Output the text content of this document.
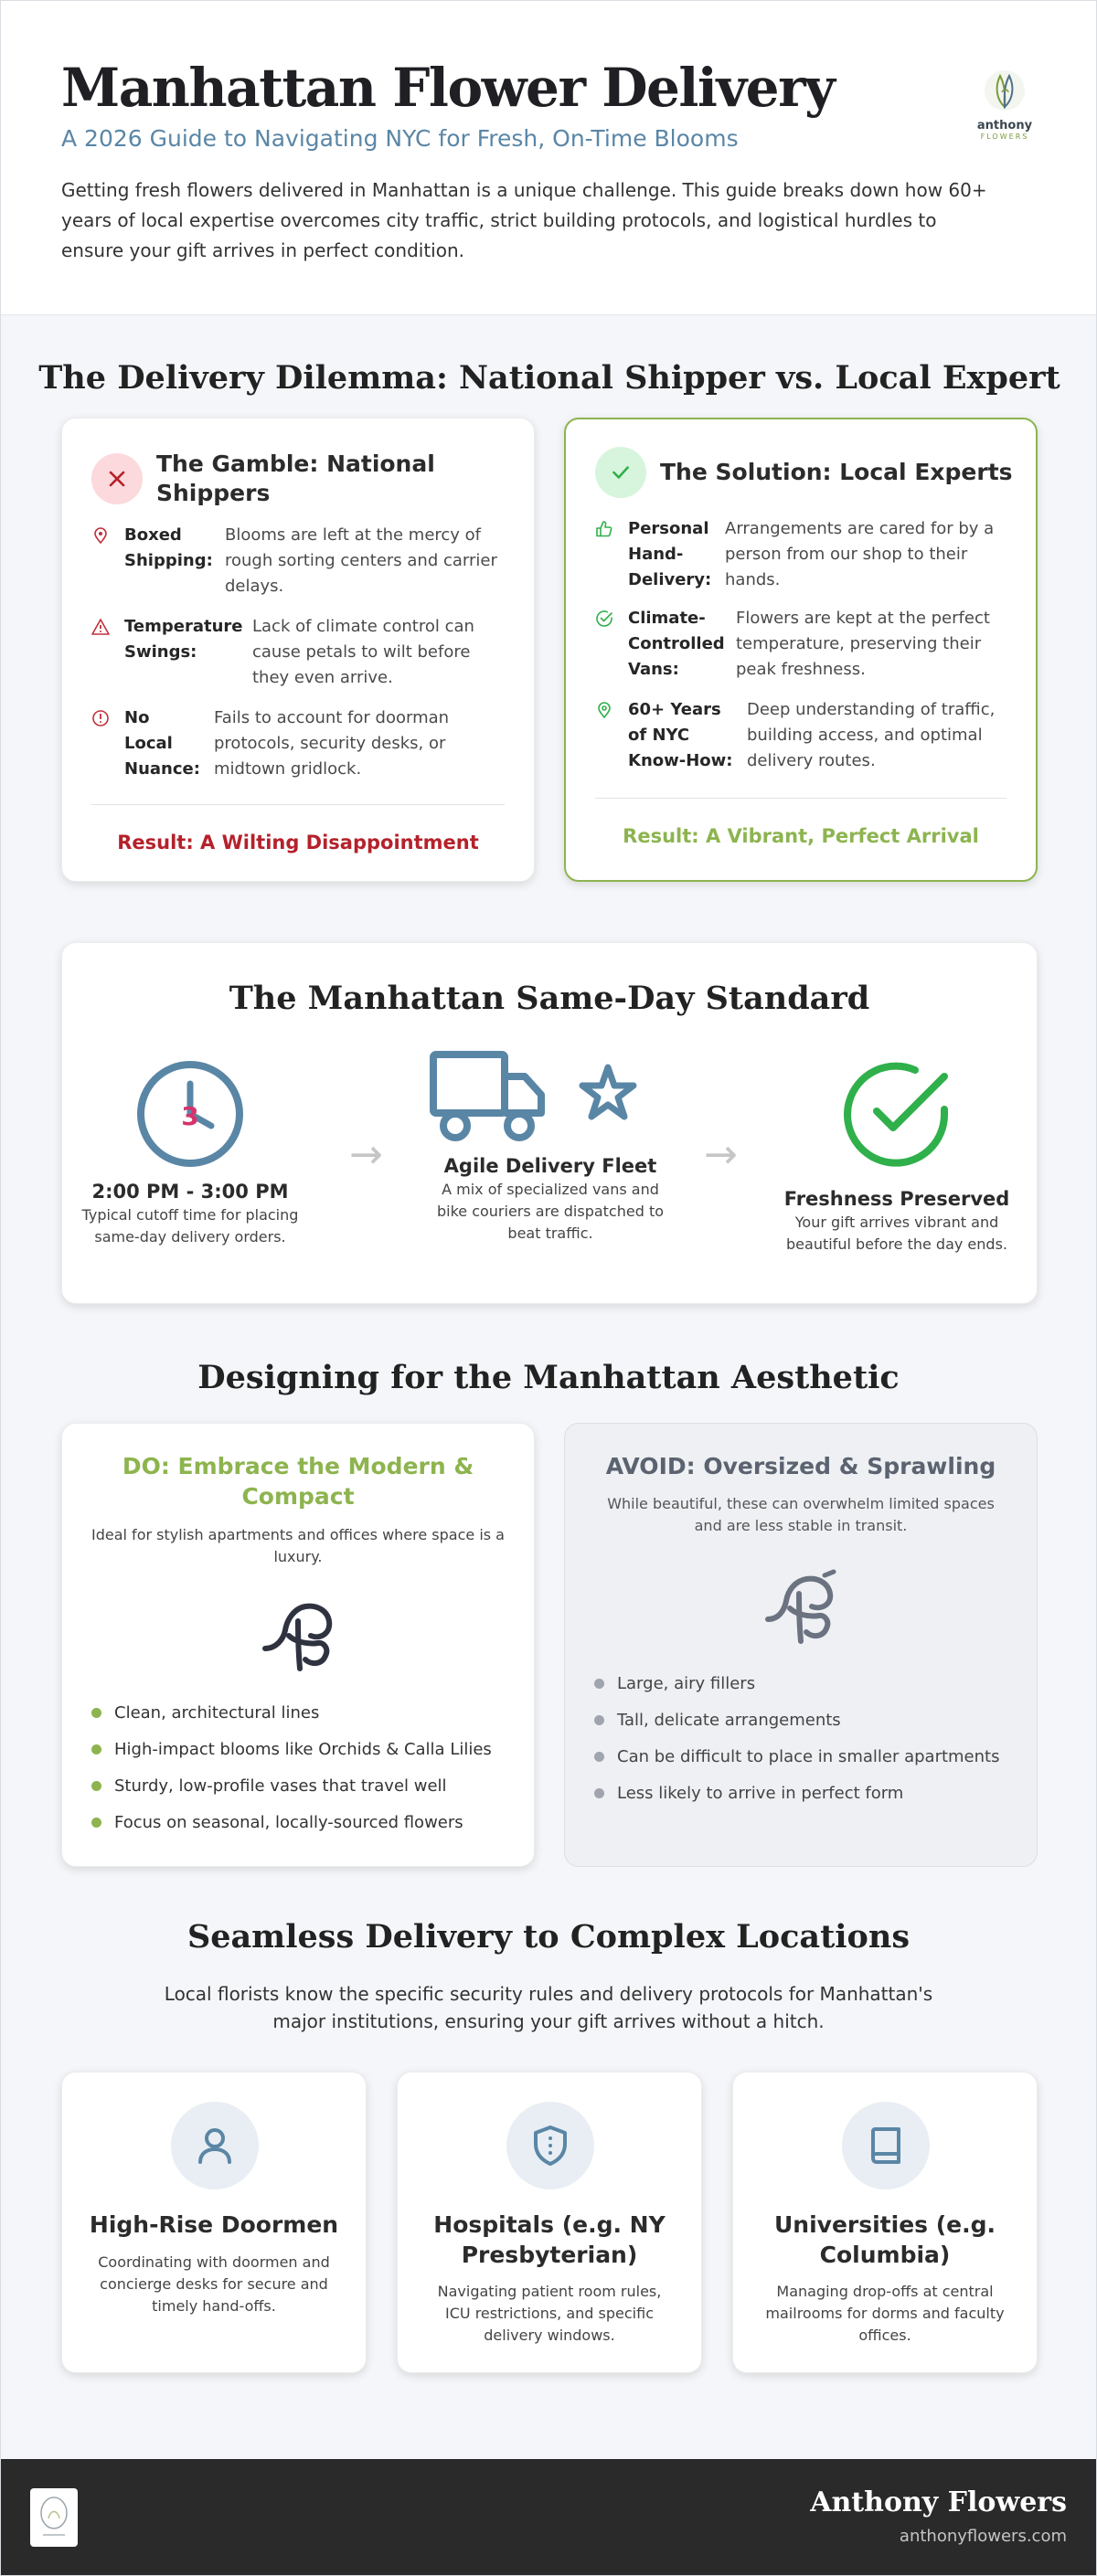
Manhattan Flower Delivery
A 2026 Guide to Navigating NYC for Fresh, On-Time Blooms

Getting fresh flowers delivered in Manhattan is a unique challenge. This guide breaks down how 60+ years of local expertise overcomes city traffic, strict building protocols, and logistical hurdles to ensure your gift arrives in perfect condition.

anthony
FLOWERS
The Delivery Dilemma: National Shipper vs. Local Expert
The Gamble: National Shippers
Boxed Shipping:
Blooms are left at the mercy of rough sorting centers and carrier delays.
Temperature Swings:
Lack of climate control can cause petals to wilt before they even arrive.
No Local Nuance:
Fails to account for doorman protocols, security desks, or midtown gridlock.
Result: A Wilting Disappointment
The Solution: Local Experts
Personal Hand-Delivery:
Arrangements are cared for by a person from our shop to their hands.
Climate-Controlled Vans:
Flowers are kept at the perfect temperature, preserving their peak freshness.
60+ Years of NYC Know-How:
Deep understanding of traffic, building access, and optimal delivery routes.
Result: A Vibrant, Perfect Arrival
The Manhattan Same-Day Standard
3
2:00 PM - 3:00 PM
Typical cutoff time for placing same-day delivery orders.
→	Agile Delivery Fleet
A mix of specialized vans and bike couriers are dispatched to beat traffic.
→
Freshness Preserved
Your gift arrives vibrant and beautiful before the day ends.
Designing for the Manhattan Aesthetic
DO: Embrace the Modern & Compact
Ideal for stylish apartments and offices where space is a luxury.
Clean, architectural lines
High-impact blooms like Orchids & Calla Lilies
Sturdy, low-profile vases that travel well
Focus on seasonal, locally-sourced flowers
AVOID: Oversized & Sprawling
While beautiful, these can overwhelm limited spaces and are less stable in transit.
Large, airy fillers
Tall, delicate arrangements
Can be difficult to place in smaller apartments
Less likely to arrive in perfect form
Seamless Delivery to Complex Locations

Local florists know the specific security rules and delivery protocols for Manhattan's major institutions, ensuring your gift arrives without a hitch.

High-Rise Doormen
Coordinating with doormen and concierge desks for secure and timely hand-offs.
Hospitals (e.g. NY Presbyterian)
Navigating patient room rules, ICU restrictions, and specific delivery windows.
Universities (e.g. Columbia)
Managing drop-offs at central mailrooms for dorms and faculty offices.
Anthony Flowers
anthonyflowers.com
